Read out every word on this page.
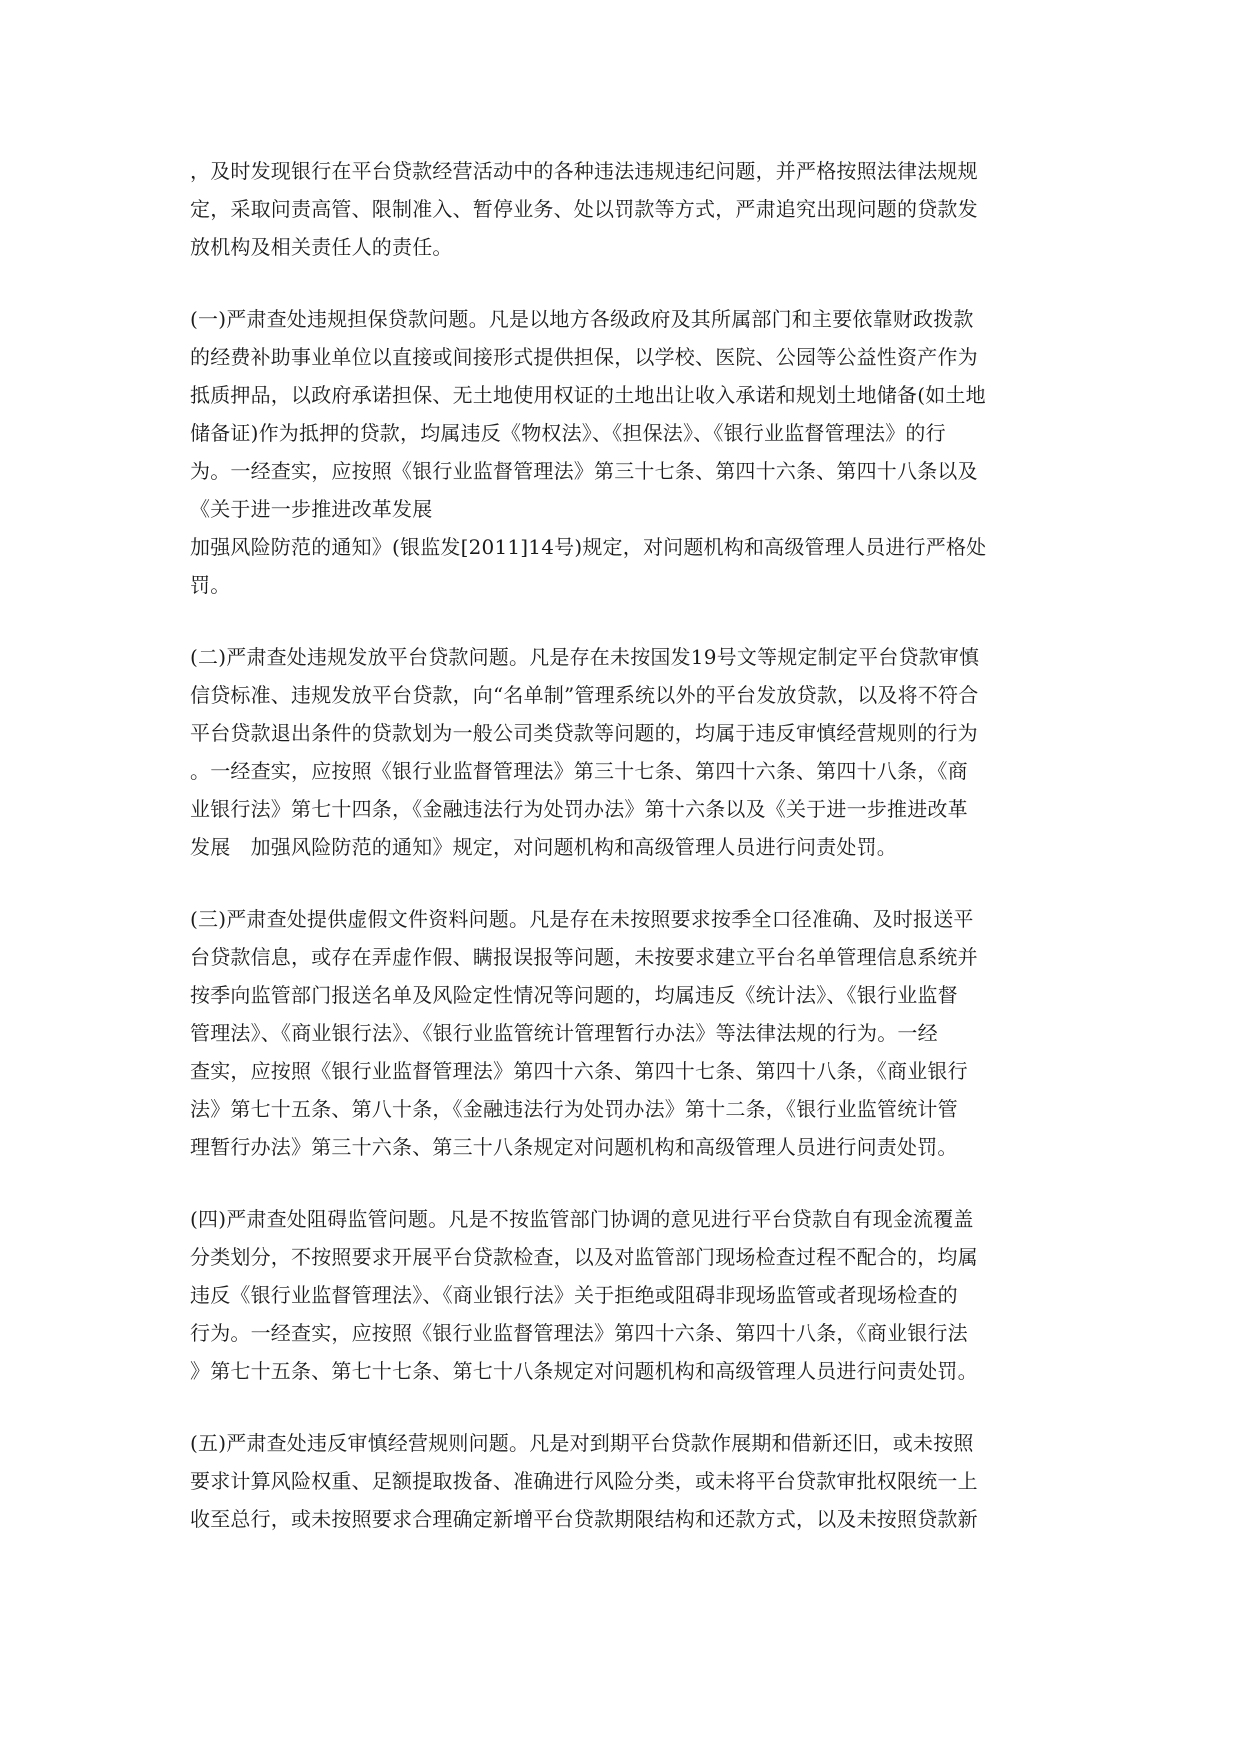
，及时发现银行在平台贷款经营活动中的各种违法违规违纪问题，并严格按照法律法规规
定，采取问责高管、限制准入、暂停业务、处以罚款等方式，严肃追究出现问题的贷款发
放机构及相关责任人的责任。
(一)严肃查处违规担保贷款问题。凡是以地方各级政府及其所属部门和主要依靠财政拨款
的经费补助事业单位以直接或间接形式提供担保，以学校、医院、公园等公益性资产作为
抵质押品，以政府承诺担保、无土地使用权证的土地出让收入承诺和规划土地储备(如土地
储备证)作为抵押的贷款，均属违反《物权法》、《担保法》、《银行业监督管理法》的行
为。一经查实，应按照《银行业监督管理法》第三十七条、第四十六条、第四十八条以及
《关于进一步推进改革发展
加强风险防范的通知》(银监发[2011]14号)规定，对问题机构和高级管理人员进行严格处
罚。
(二)严肃查处违规发放平台贷款问题。凡是存在未按国发19号文等规定制定平台贷款审慎
信贷标准、违规发放平台贷款，向“名单制”管理系统以外的平台发放贷款，以及将不符合
平台贷款退出条件的贷款划为一般公司类贷款等问题的，均属于违反审慎经营规则的行为
。一经查实，应按照《银行业监督管理法》第三十七条、第四十六条、第四十八条，《商
业银行法》第七十四条，《金融违法行为处罚办法》第十六条以及《关于进一步推进改革
发展　加强风险防范的通知》规定，对问题机构和高级管理人员进行问责处罚。
(三)严肃查处提供虚假文件资料问题。凡是存在未按照要求按季全口径准确、及时报送平
台贷款信息，或存在弄虚作假、瞒报误报等问题，未按要求建立平台名单管理信息系统并
按季向监管部门报送名单及风险定性情况等问题的，均属违反《统计法》、《银行业监督
管理法》、《商业银行法》、《银行业监管统计管理暂行办法》等法律法规的行为。一经
查实，应按照《银行业监督管理法》第四十六条、第四十七条、第四十八条，《商业银行
法》第七十五条、第八十条，《金融违法行为处罚办法》第十二条，《银行业监管统计管
理暂行办法》第三十六条、第三十八条规定对问题机构和高级管理人员进行问责处罚。
(四)严肃查处阻碍监管问题。凡是不按监管部门协调的意见进行平台贷款自有现金流覆盖
分类划分，不按照要求开展平台贷款检查，以及对监管部门现场检查过程不配合的，均属
违反《银行业监督管理法》、《商业银行法》关于拒绝或阻碍非现场监管或者现场检查的
行为。一经查实，应按照《银行业监督管理法》第四十六条、第四十八条，《商业银行法
》第七十五条、第七十七条、第七十八条规定对问题机构和高级管理人员进行问责处罚。
(五)严肃查处违反审慎经营规则问题。凡是对到期平台贷款作展期和借新还旧，或未按照
要求计算风险权重、足额提取拨备、准确进行风险分类，或未将平台贷款审批权限统一上
收至总行，或未按照要求合理确定新增平台贷款期限结构和还款方式，以及未按照贷款新
